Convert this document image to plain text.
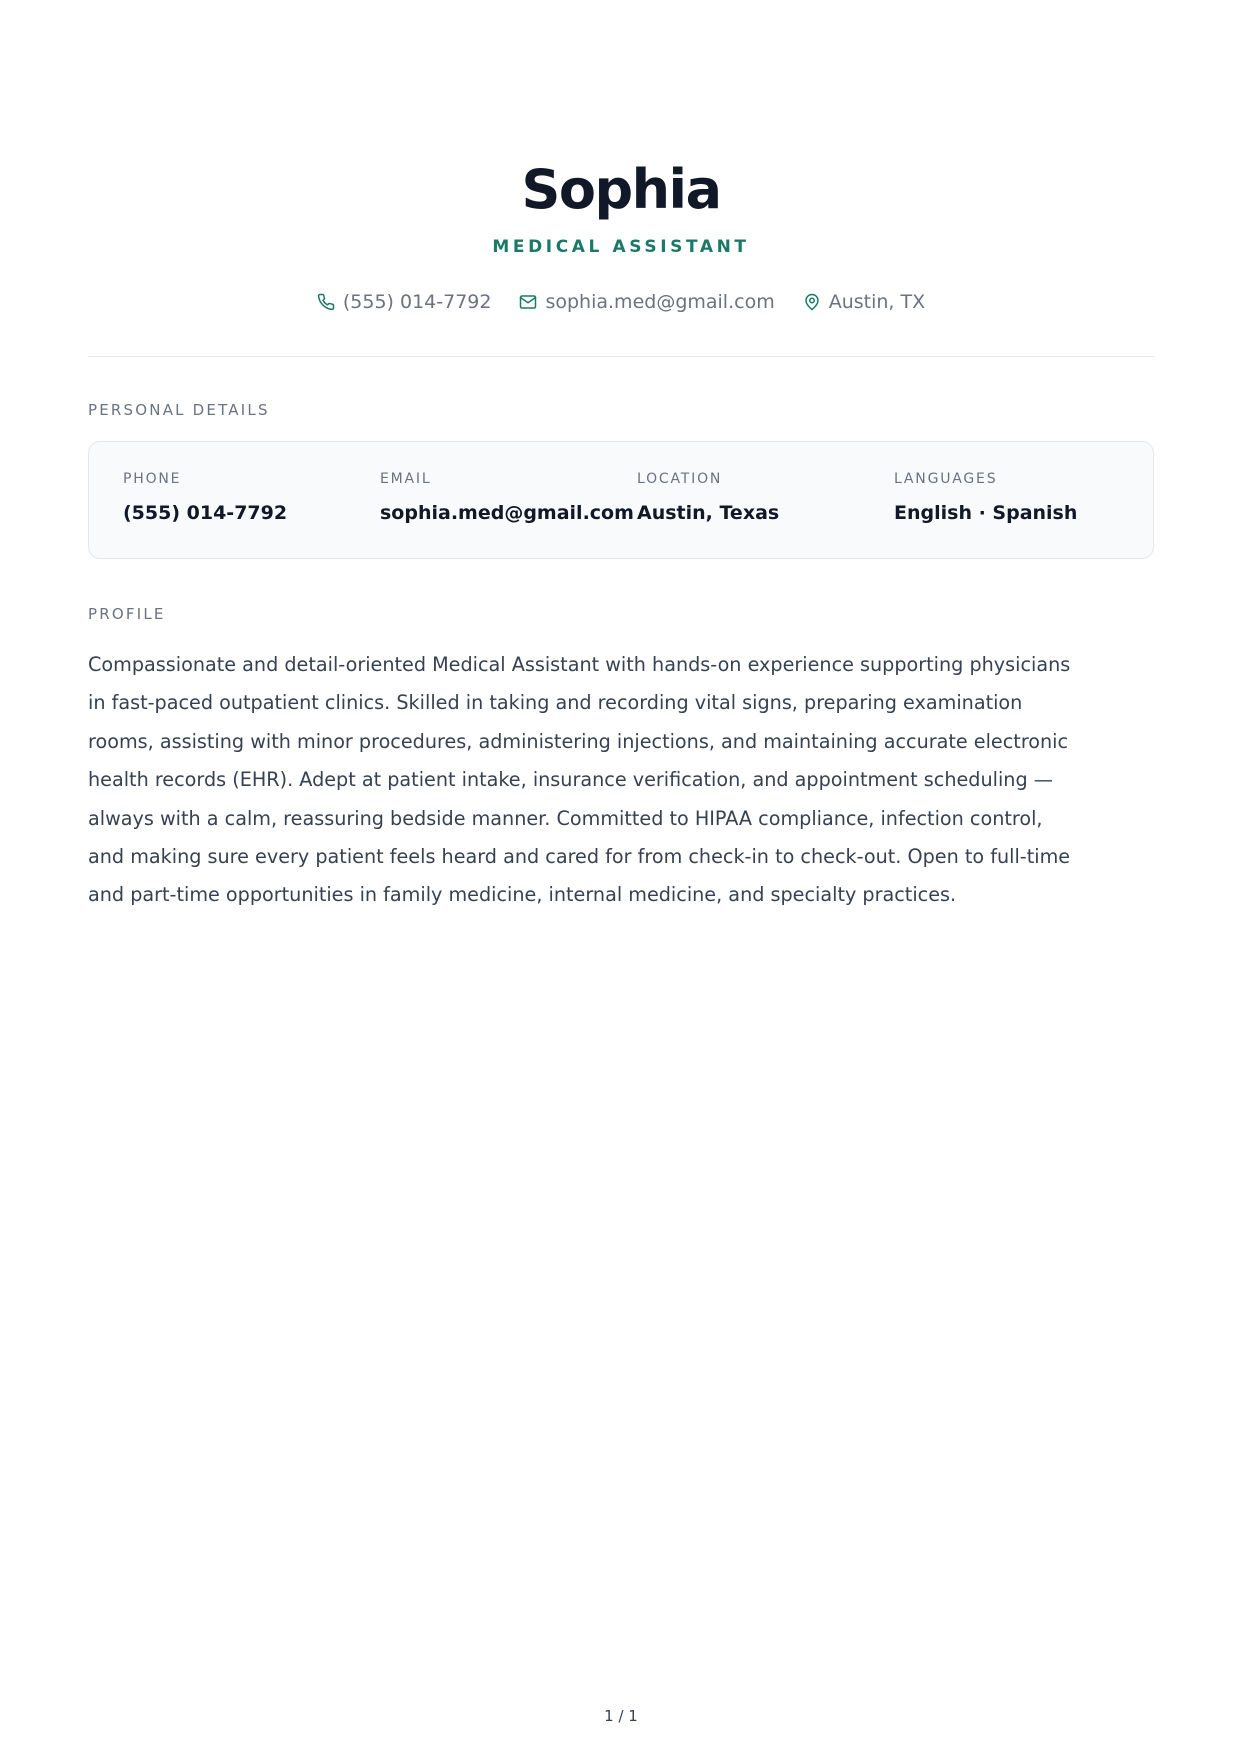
Sophia
MEDICAL ASSISTANT
(555) 014-7792	sophia.med@gmail.com	Austin, TX
PERSONAL DETAILS
PHONE
(555) 014-7792
EMAIL
sophia.med@gmail.com
LOCATION
Austin, Texas
LANGUAGES
English · Spanish
PROFILE
Compassionate and detail-oriented Medical Assistant with hands-on experience supporting physicians in fast-paced outpatient clinics. Skilled in taking and recording vital signs, preparing examination rooms, assisting with minor procedures, administering injections, and maintaining accurate electronic health records (EHR). Adept at patient intake, insurance verification, and appointment scheduling — always with a calm, reassuring bedside manner. Committed to HIPAA compliance, infection control, and making sure every patient feels heard and cared for from check-in to check-out. Open to full-time and part-time opportunities in family medicine, internal medicine, and specialty practices.
1 / 1
